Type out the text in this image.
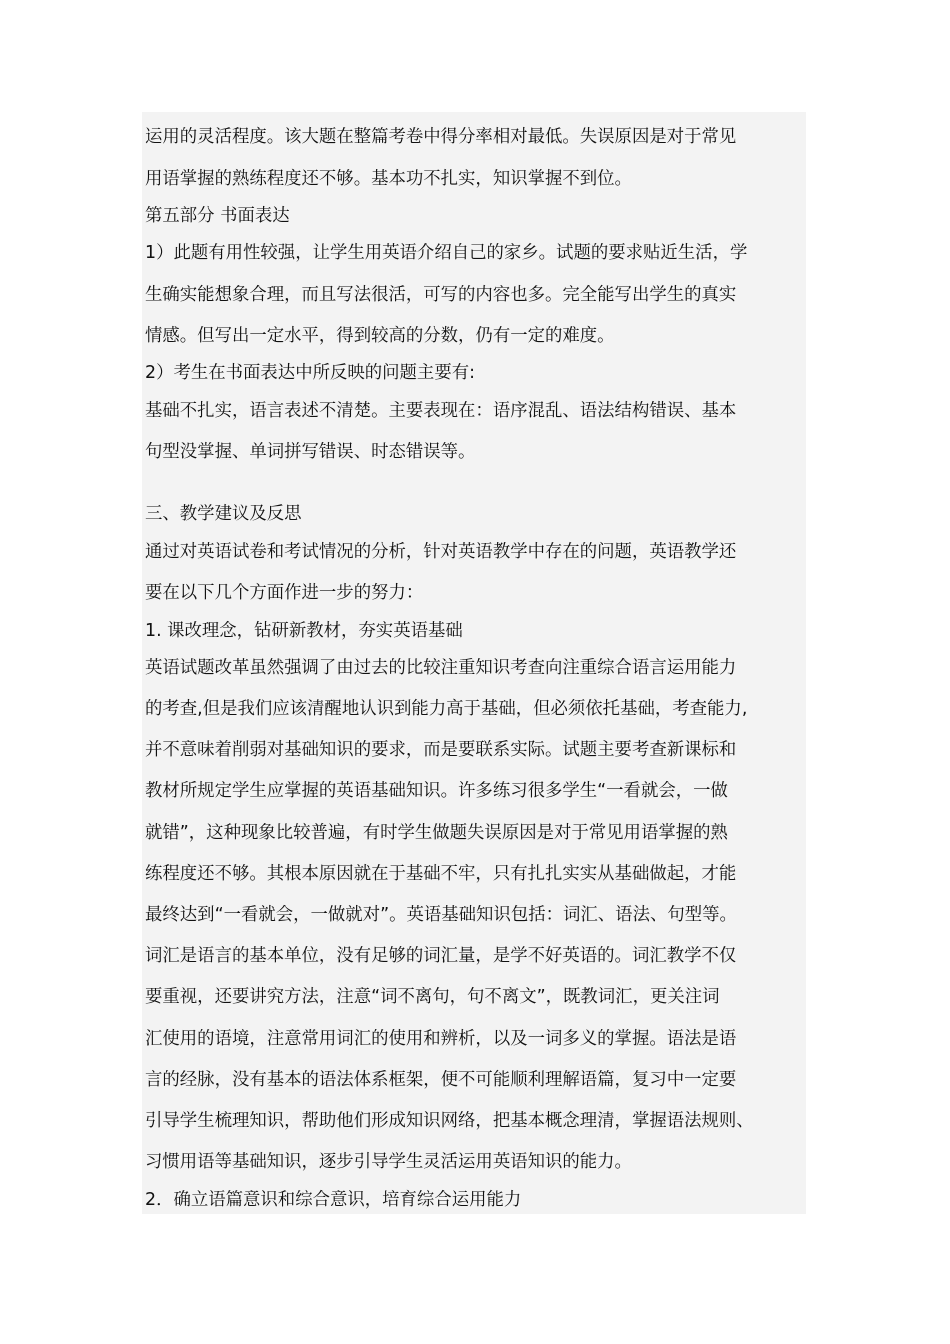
运用的灵活程度。该大题在整篇考卷中得分率相对最低。失误原因是对于常见
用语掌握的熟练程度还不够。基本功不扎实，知识掌握不到位。
第五部分 书面表达
1）此题有用性较强，让学生用英语介绍自己的家乡。试题的要求贴近生活，学
生确实能想象合理，而且写法很活，可写的内容也多。完全能写出学生的真实
情感。但写出一定水平，得到较高的分数，仍有一定的难度。
2）考生在书面表达中所反映的问题主要有:
基础不扎实，语言表述不清楚。主要表现在：语序混乱、语法结构错误、基本
句型没掌握、单词拼写错误、时态错误等。
三、教学建议及反思
通过对英语试卷和考试情况的分析，针对英语教学中存在的问题，英语教学还
要在以下几个方面作进一步的努力：
1. 课改理念，钻研新教材，夯实英语基础
英语试题改革虽然强调了由过去的比较注重知识考查向注重综合语言运用能力
的考查,但是我们应该清醒地认识到能力高于基础，但必须依托基础，考查能力,
并不意味着削弱对基础知识的要求，而是要联系实际。试题主要考查新课标和
教材所规定学生应掌握的英语基础知识。许多练习很多学生“一看就会，一做
就错”，这种现象比较普遍，有时学生做题失误原因是对于常见用语掌握的熟
练程度还不够。其根本原因就在于基础不牢，只有扎扎实实从基础做起，才能
最终达到“一看就会，一做就对”。英语基础知识包括：词汇、语法、句型等。
词汇是语言的基本单位，没有足够的词汇量，是学不好英语的。词汇教学不仅
要重视，还要讲究方法，注意“词不离句，句不离文”，既教词汇，更关注词
汇使用的语境，注意常用词汇的使用和辨析，以及一词多义的掌握。语法是语
言的经脉，没有基本的语法体系框架，便不可能顺利理解语篇，复习中一定要
引导学生梳理知识，帮助他们形成知识网络，把基本概念理清，掌握语法规则、
习惯用语等基础知识，逐步引导学生灵活运用英语知识的能力。
2．确立语篇意识和综合意识，培育综合运用能力
